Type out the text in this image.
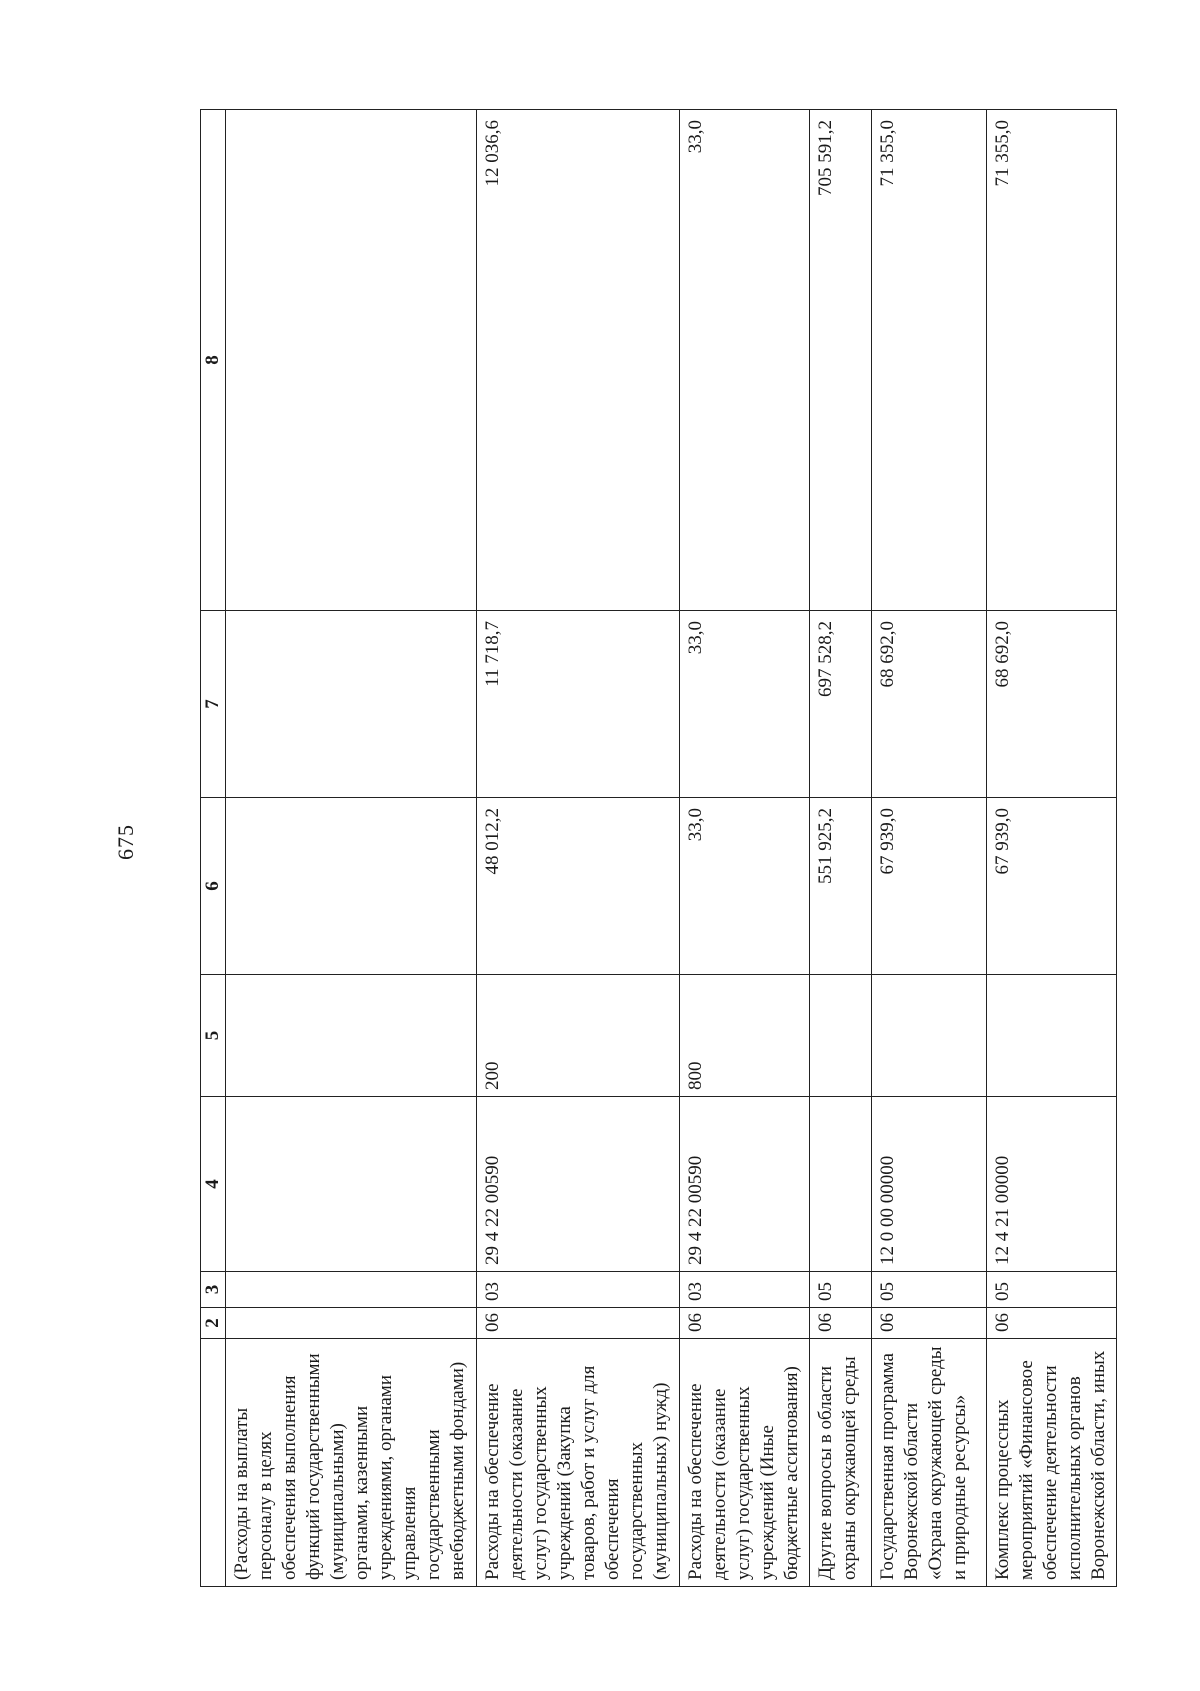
675
	2	3	4	5	6	7	8
(Расходы на выплаты персоналу в целях обеспечения выполнения функций государственными (муниципальными) органами, казенными учреждениями, органами управления государственными внебюджетными фондами)							
Расходы на обеспечение деятельности (оказание услуг) государственных учреждений (Закупка товаров, работ и услуг для обеспечения государственных (муниципальных) нужд)	06	03	29 4 22 00590	200	48 012,2	11 718,7	12 036,6
Расходы на обеспечение деятельности (оказание услуг) государственных учреждений (Иные бюджетные ассигнования)	06	03	29 4 22 00590	800	33,0	33,0	33,0
Другие вопросы в области охраны окружающей среды	06	05			551 925,2	697 528,2	705 591,2
Государственная программа Воронежской области «Охрана окружающей среды и природные ресурсы»	06	05	12 0 00 00000		67 939,0	68 692,0	71 355,0
Комплекс процессных мероприятий «Финансовое обеспечение деятельности исполнительных органов Воронежской области, иных	06	05	12 4 21 00000		67 939,0	68 692,0	71 355,0
